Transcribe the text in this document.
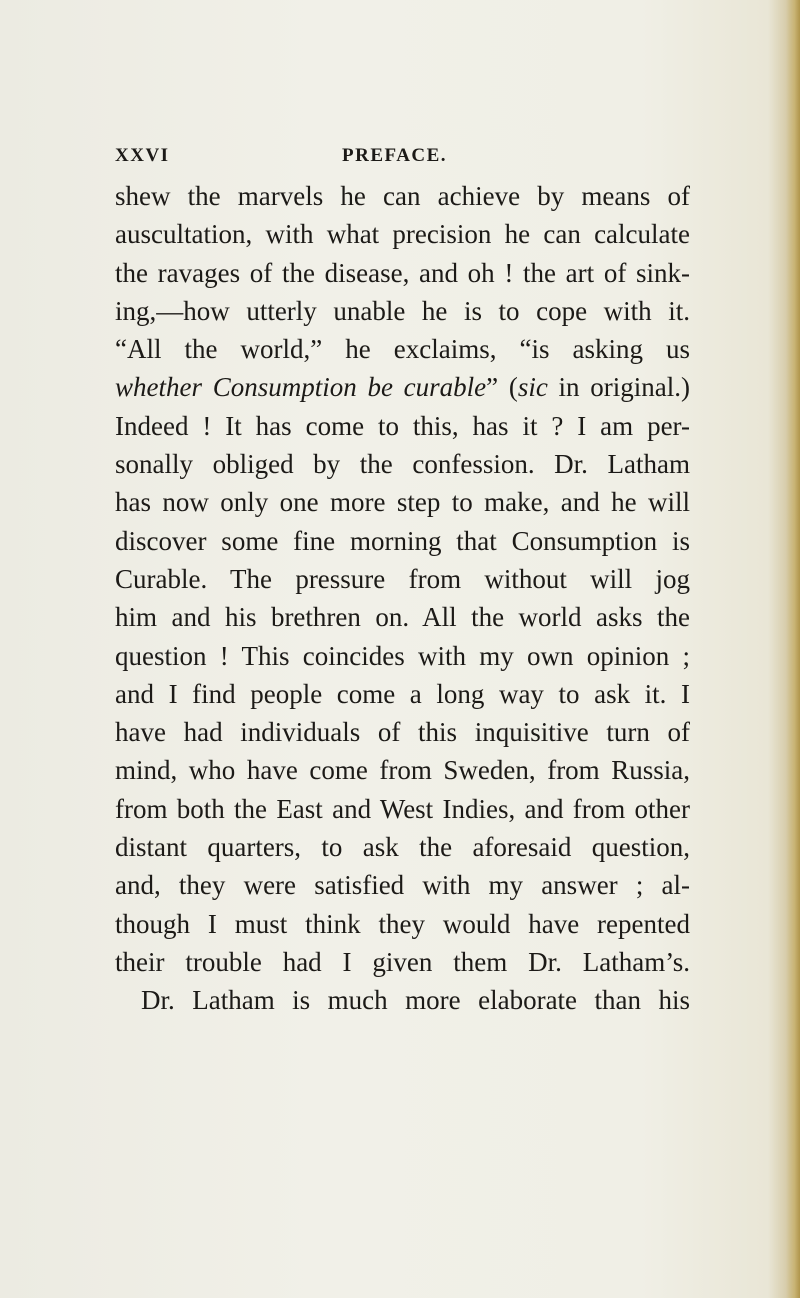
XXVI	PREFACE.
shew the marvels he can achieve by means of
auscultation, with what precision he can calculate
the ravages of the disease, and oh ! the art of sink-
ing,—how utterly unable he is to cope with it.
“All the world,” he exclaims, “is asking us
whether Consumption be curable” (sic in original.)
Indeed ! It has come to this, has it ? I am per-
sonally obliged by the confession. Dr. Latham
has now only one more step to make, and he will
discover some fine morning that Consumption is
Curable. The pressure from without will jog
him and his brethren on. All the world asks the
question ! This coincides with my own opinion ;
and I find people come a long way to ask it. I
have had individuals of this inquisitive turn of
mind, who have come from Sweden, from Russia,
from both the East and West Indies, and from other
distant quarters, to ask the aforesaid question,
and, they were satisfied with my answer ; al-
though I must think they would have repented
their trouble had I given them Dr. Latham’s.
Dr. Latham is much more elaborate than his
